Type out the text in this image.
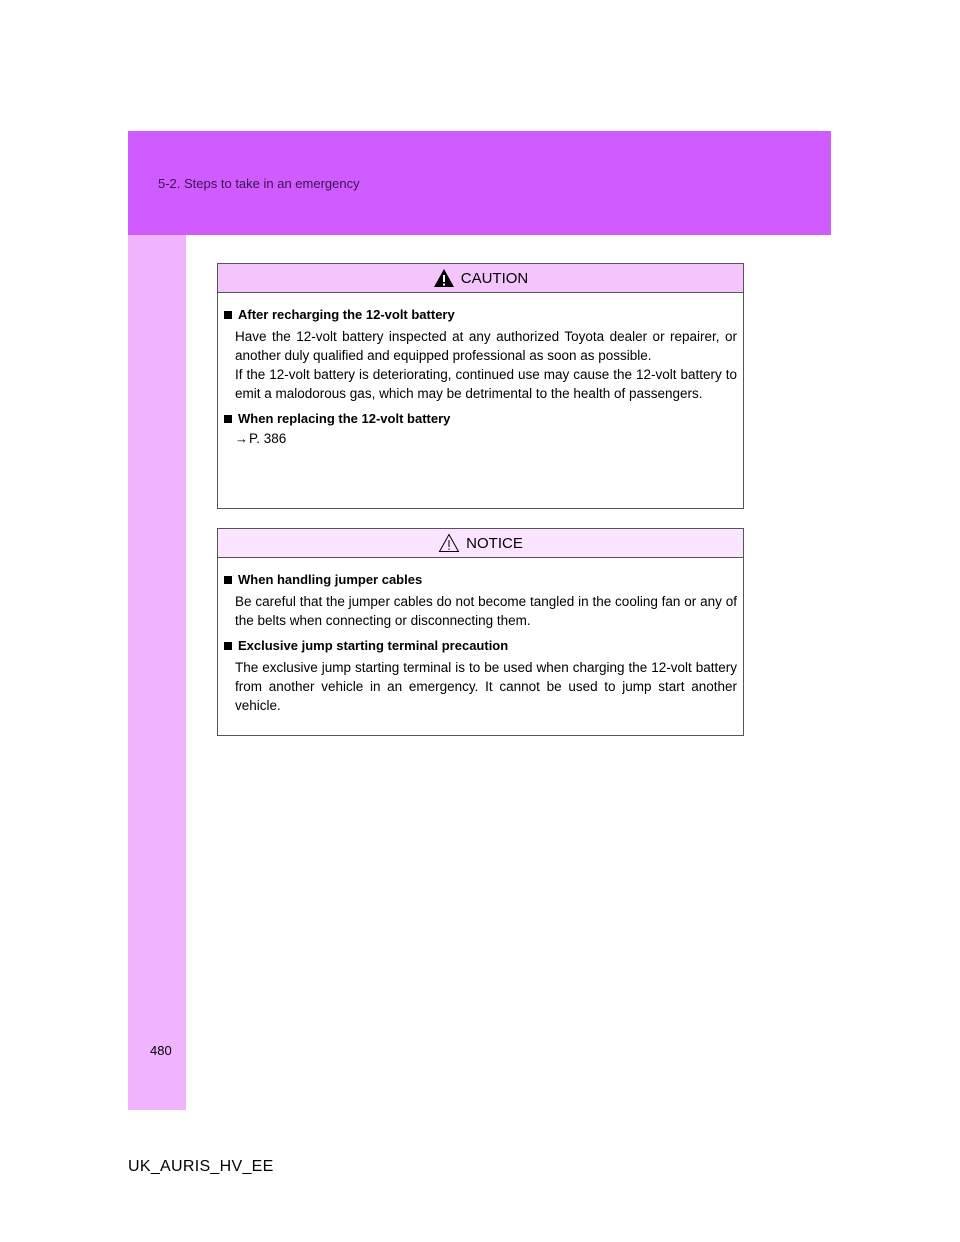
5-2. Steps to take in an emergency
CAUTION
After recharging the 12-volt battery
Have the 12-volt battery inspected at any authorized Toyota dealer or repairer, or another duly qualified and equipped professional as soon as possible.
If the 12-volt battery is deteriorating, continued use may cause the 12-volt battery to emit a malodorous gas, which may be detrimental to the health of passengers.
When replacing the 12-volt battery
→P. 386
NOTICE
When handling jumper cables
Be careful that the jumper cables do not become tangled in the cooling fan or any of the belts when connecting or disconnecting them.
Exclusive jump starting terminal precaution
The exclusive jump starting terminal is to be used when charging the 12-volt battery from another vehicle in an emergency. It cannot be used to jump start another vehicle.
480
UK_AURIS_HV_EE
